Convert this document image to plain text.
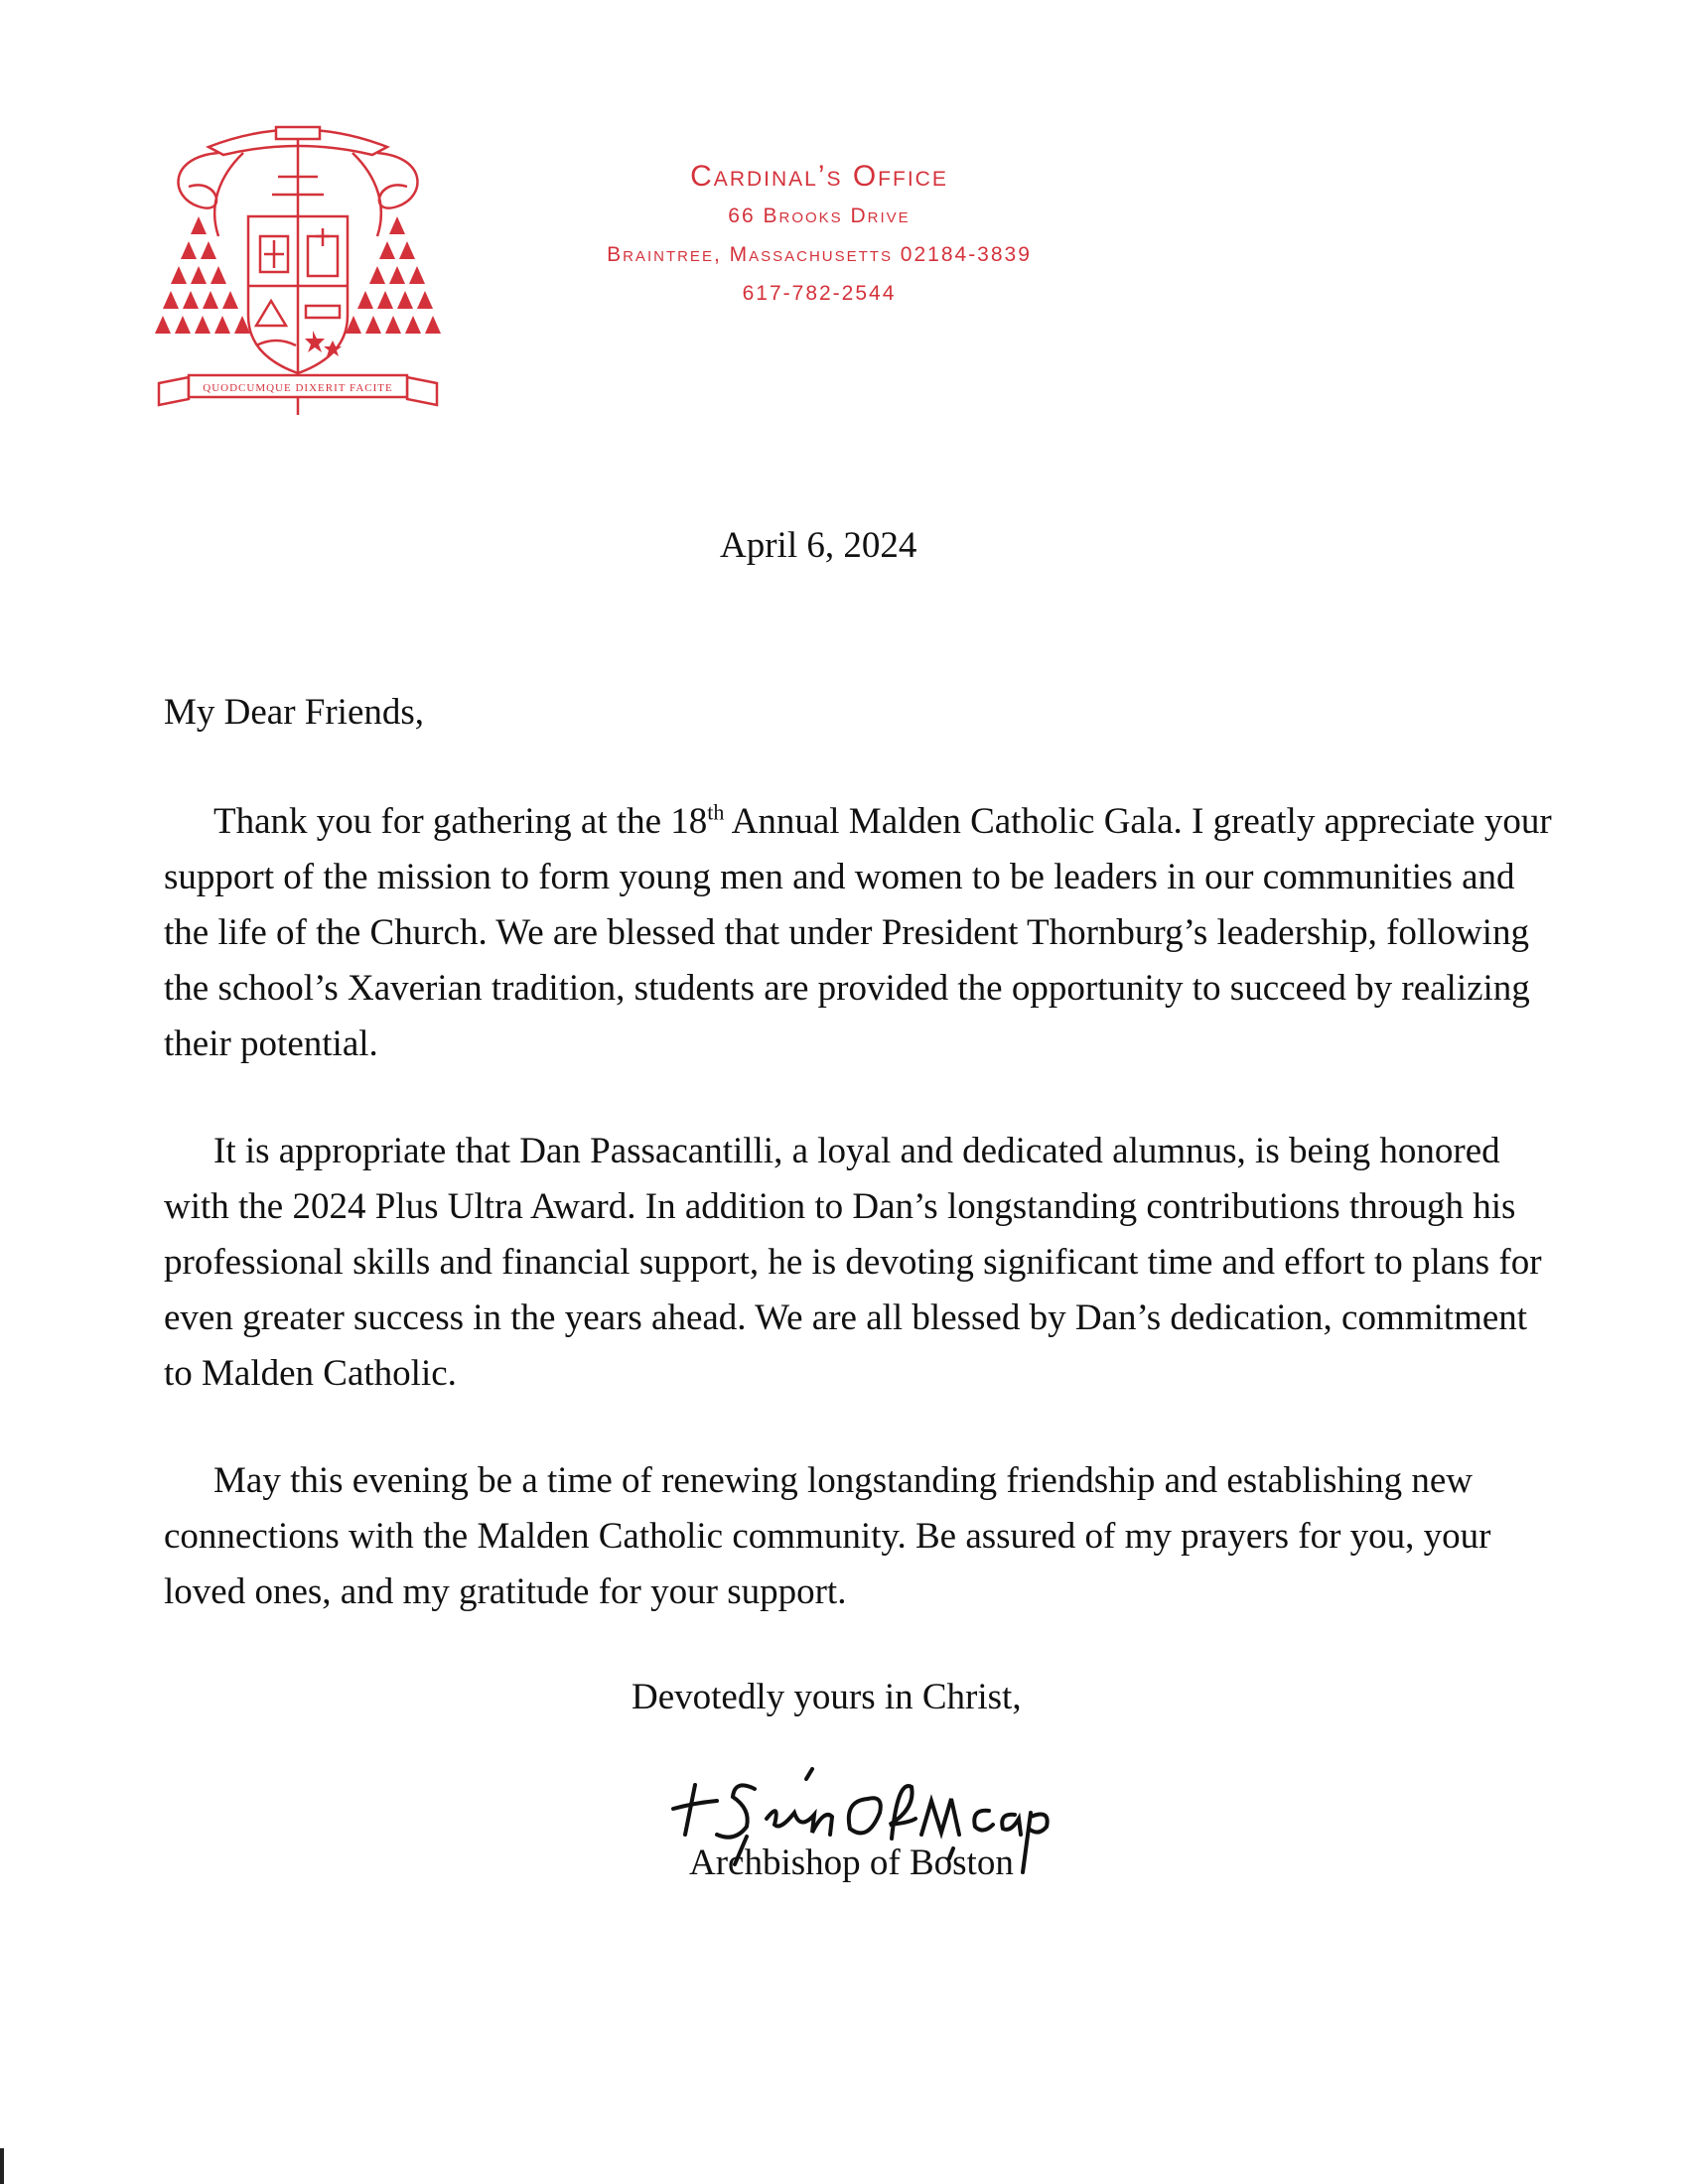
QUODCUMQUE DIXERIT FACITE

Cardinal’s Office

66 Brooks Drive

Braintree, Massachusetts 02184-3839

617-782-2544

April 6, 2024
My Dear Friends,

Thank you for gathering at the 18th Annual Malden Catholic Gala. I greatly appreciate your support of the mission to form young men and women to be leaders in our communities and the life of the Church. We are blessed that under President Thornburg’s leadership, following the school’s Xaverian tradition, students are provided the opportunity to succeed by realizing their potential.

It is appropriate that Dan Passacantilli, a loyal and dedicated alumnus, is being honored with the 2024 Plus Ultra Award. In addition to Dan’s longstanding contributions through his professional skills and financial support, he is devoting significant time and effort to plans for even greater success in the years ahead. We are all blessed by Dan’s dedication, commitment to Malden Catholic.

May this evening be a time of renewing longstanding friendship and establishing new connections with the Malden Catholic community. Be assured of my prayers for you, your loved ones, and my gratitude for your support.

Devotedly yours in Christ,
Archbishop of Boston
